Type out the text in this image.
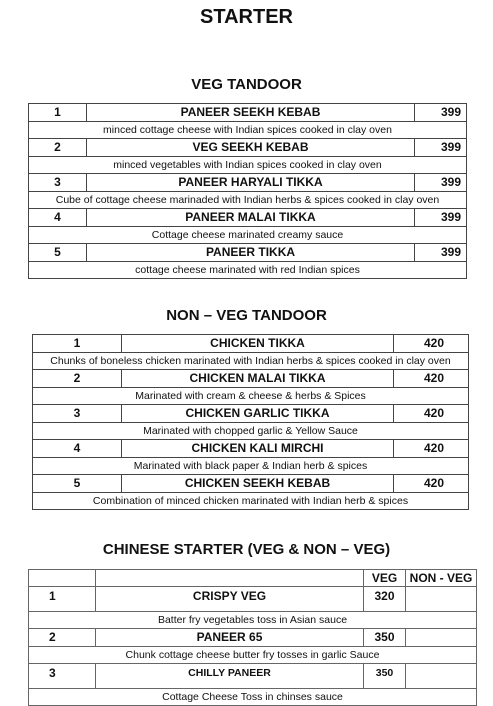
STARTER
VEG TANDOOR
1	PANEER SEEKH KEBAB	399
minced cottage cheese with Indian spices cooked in clay oven		
2	VEG SEEKH KEBAB	399
minced vegetables with Indian spices cooked in clay oven		
3	PANEER HARYALI TIKKA	399
Cube of cottage cheese marinaded with Indian herbs & spices cooked in clay oven		
4	PANEER MALAI TIKKA	399
Cottage cheese marinated creamy sauce		
5	PANEER TIKKA	399
cottage cheese marinated with red Indian spices		
NON – VEG TANDOOR
1	CHICKEN TIKKA	420
Chunks of boneless chicken marinated with Indian herbs & spices cooked in clay oven		
2	CHICKEN MALAI TIKKA	420
Marinated with cream & cheese & herbs & Spices		
3	CHICKEN GARLIC TIKKA	420
Marinated with chopped garlic & Yellow Sauce		
4	CHICKEN KALI MIRCHI	420
Marinated with black paper & Indian herb & spices		
5	CHICKEN SEEKH KEBAB	420
Combination of minced chicken marinated with Indian herb & spices		
CHINESE STARTER (VEG & NON – VEG)
		VEG	NON - VEG
1	CRISPY VEG	320	
Batter fry vegetables toss in Asian sauce			
2	PANEER 65	350	
Chunk cottage cheese butter fry tosses in garlic Sauce			
3	CHILLY PANEER	350	
Cottage Cheese Toss in chinses sauce			
